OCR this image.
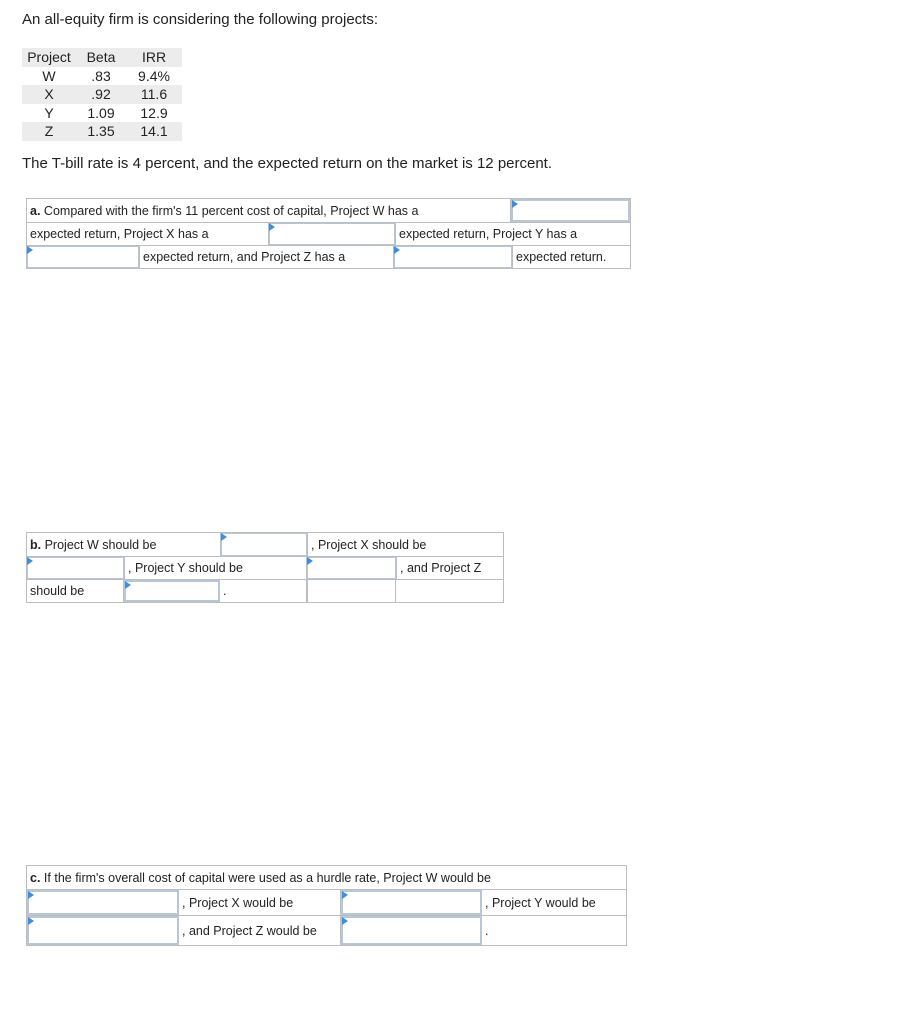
An all-equity firm is considering the following projects:
Project	Beta	IRR
W	.83	9.4%
X	.92	11.6
Y	1.09	12.9
Z	1.35	14.1
The T-bill rate is 4 percent, and the expected return on the market is 12 percent.
a.
Compared with the firm's 11 percent cost of capital, Project W has a
expected return, Project X has a	expected return, Project Y has a
expected return, and Project Z has a	expected return.
b.
Project W should be	, Project X should be
, Project Y should be	, and Project Z
should be	.
c.
If the firm's overall cost of capital were used as a hurdle rate, Project W would be
, Project X would be	, Project Y would be
, and Project Z would be	.
